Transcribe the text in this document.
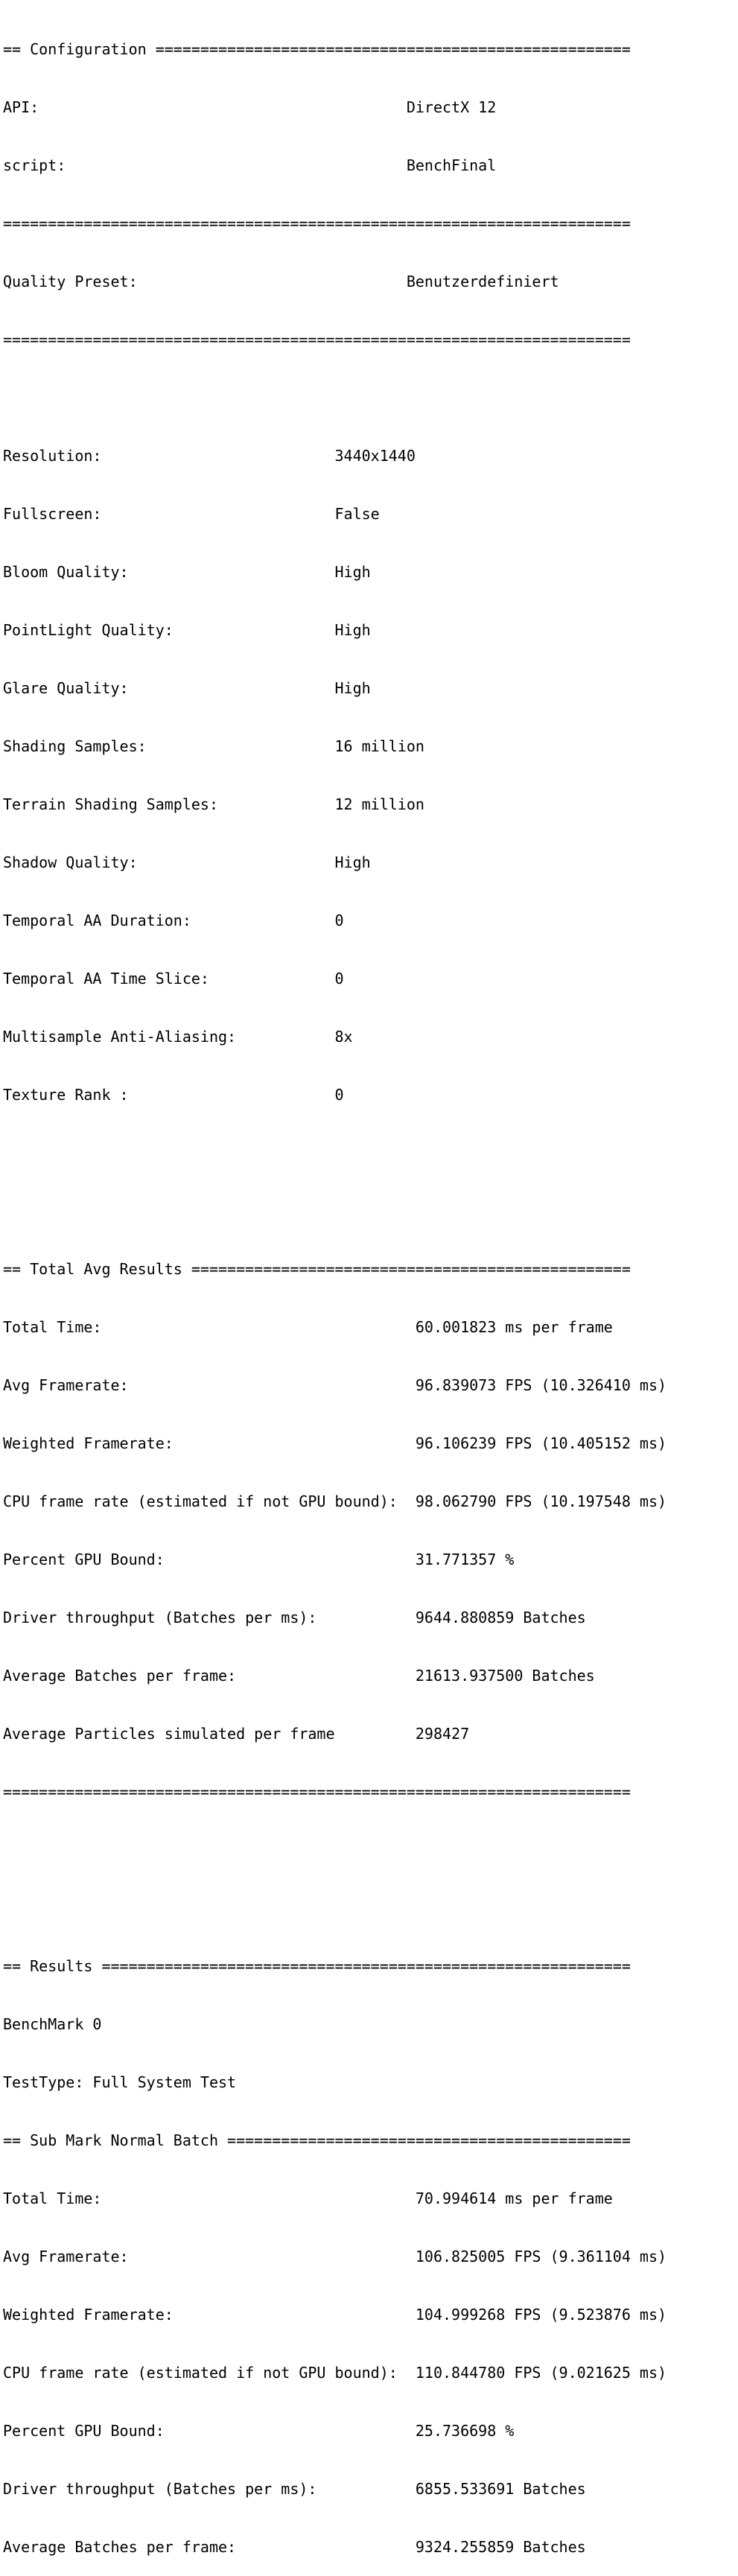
== Configuration =====================================================

API:                                         DirectX 12

script:                                      BenchFinal

======================================================================

Quality Preset:                              Benutzerdefiniert

======================================================================

Resolution:                          3440x1440

Fullscreen:                          False

Bloom Quality:                       High

PointLight Quality:                  High

Glare Quality:                       High

Shading Samples:                     16 million

Terrain Shading Samples:             12 million

Shadow Quality:                      High

Temporal AA Duration:                0

Temporal AA Time Slice:              0

Multisample Anti-Aliasing:           8x

Texture Rank :                       0

== Total Avg Results =================================================

Total Time:                                   60.001823 ms per frame

Avg Framerate:                                96.839073 FPS (10.326410 ms)

Weighted Framerate:                           96.106239 FPS (10.405152 ms)

CPU frame rate (estimated if not GPU bound):  98.062790 FPS (10.197548 ms)

Percent GPU Bound:                            31.771357 %

Driver throughput (Batches per ms):           9644.880859 Batches

Average Batches per frame:                    21613.937500 Batches

Average Particles simulated per frame         298427

======================================================================

== Results ===========================================================

BenchMark 0

TestType: Full System Test

== Sub Mark Normal Batch =============================================

Total Time:                                   70.994614 ms per frame

Avg Framerate:                                106.825005 FPS (9.361104 ms)

Weighted Framerate:                           104.999268 FPS (9.523876 ms)

CPU frame rate (estimated if not GPU bound):  110.844780 FPS (9.021625 ms)

Percent GPU Bound:                            25.736698 %

Driver throughput (Batches per ms):           6855.533691 Batches

Average Batches per frame:                    9324.255859 Batches
